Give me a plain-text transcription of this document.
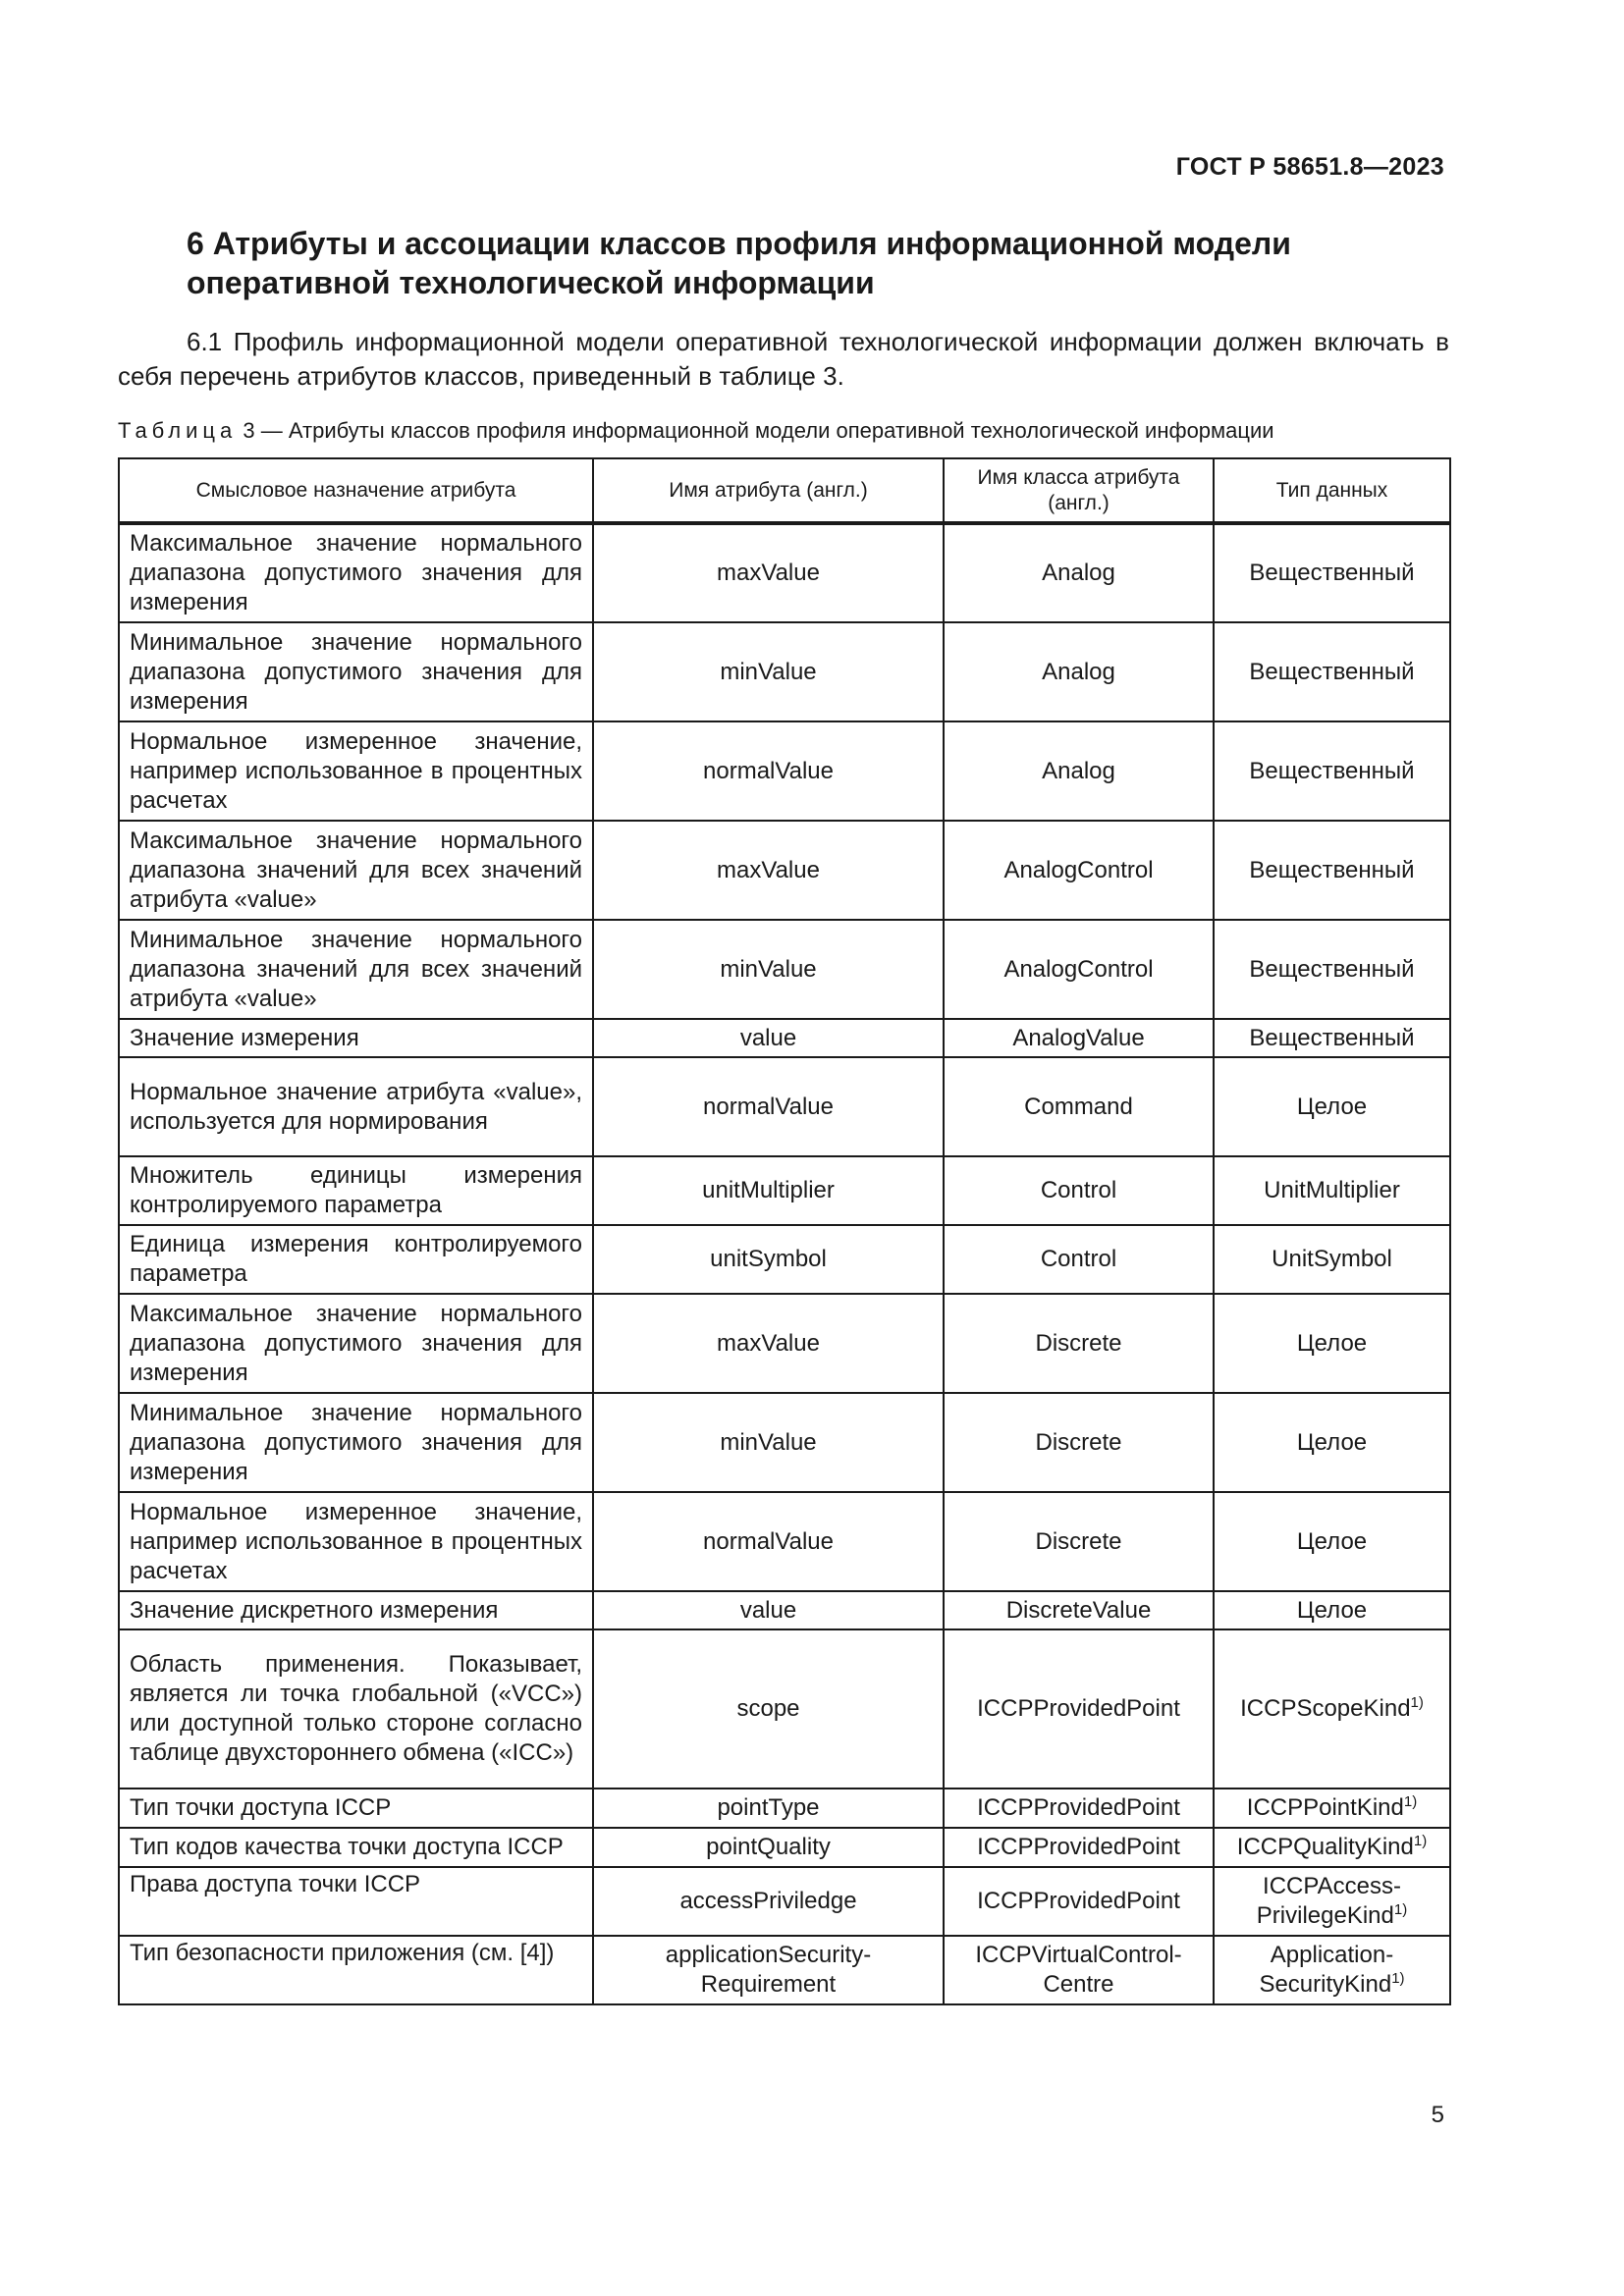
ГОСТ Р 58651.8—2023
6 Атрибуты и ассоциации классов профиля информационной модели оперативной технологической информации

6.1 Профиль информационной модели оперативной технологической информации должен включать в себя перечень атрибутов классов, приведенный в таблице 3.

Таблица 3 — Атрибуты классов профиля информационной модели оперативной технологической информации
Смысловое назначение атрибута	Имя атрибута (англ.)	Имя класса атрибута (англ.)	Тип данных
Максимальное значение нормального диапазона допустимого значения для измерения	maxValue	Analog	Вещественный
Минимальное значение нормального диапазона допустимого значения для измерения	minValue	Analog	Вещественный
Нормальное измеренное значение, например использованное в процентных расчетах	normalValue	Analog	Вещественный
Максимальное значение нормального диапазона значений для всех значений атрибута «value»	maxValue	AnalogControl	Вещественный
Минимальное значение нормального диапазона значений для всех значений атрибута «value»	minValue	AnalogControl	Вещественный
Значение измерения	value	AnalogValue	Вещественный
Нормальное значение атрибута «value», используется для нормирования	normalValue	Command	Целое
Множитель единицы измерения контролируемого параметра	unitMultiplier	Control	UnitMultiplier
Единица измерения контролируемого параметра	unitSymbol	Control	UnitSymbol
Максимальное значение нормального диапазона допустимого значения для измерения	maxValue	Discrete	Целое
Минимальное значение нормального диапазона допустимого значения для измерения	minValue	Discrete	Целое
Нормальное измеренное значение, например использованное в процентных расчетах	normalValue	Discrete	Целое
Значение дискретного измерения	value	DiscreteValue	Целое
Область применения. Показывает, является ли точка глобальной («VCC») или доступной только стороне согласно таблице двухстороннего обмена («ICC»)	scope	ICCPProvidedPoint	ICCPScopeKind$^{1)}$
Тип точки доступа ICCP	pointType	ICCPProvidedPoint	ICCPPointKind$^{1)}$
Тип кодов качества точки доступа ICCP	pointQuality	ICCPProvidedPoint	ICCPQualityKind$^{1)}$
Права доступа точки ICCP	accessPriviledge	ICCPProvidedPoint	ICCPAccess-PrivilegeKind$^{1)}$
Тип безопасности приложения (см. [4])	applicationSecurity-Requirement	ICCPVirtualControl-Centre	Application-SecurityKind$^{1)}$
5
